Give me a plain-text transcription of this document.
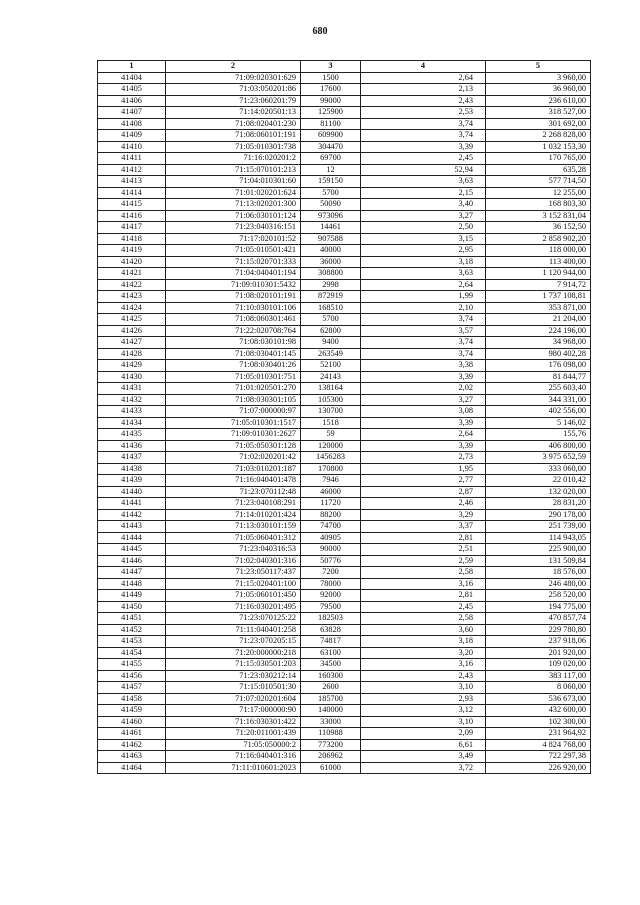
680
1	2	3	4	5
41404	71:09:020301:629	1500	2,64	3 960,00
41405	71:03:050201:86	17600	2,13	36 960,00
41406	71:23:060201:79	99000	2,43	236 610,00
41407	71:14:020501:13	125900	2,53	318 527,00
41408	71:08:020401:230	81100	3,74	301 692,00
41409	71:08:060101:191	609900	3,74	2 268 828,00
41410	71:05:010301:738	304470	3,39	1 032 153,30
41411	71:16:020201:2	69700	2,45	170 765,00
41412	71:15:070101:213	12	52,94	635,28
41413	71:04:010301:60	159150	3,63	577 714,50
41414	71:01:020201:624	5700	2,15	12 255,00
41415	71:13:020201:300	50090	3,40	168 803,30
41416	71:06:030101:124	973096	3,27	3 152 831,04
41417	71:23:040316:151	14461	2,50	36 152,50
41418	71:17:020101:52	907588	3,15	2 858 902,20
41419	71:05:010501:421	40000	2,95	118 000,00
41420	71:15:020701:333	36000	3,18	113 400,00
41421	71:04:040401:194	308800	3,63	1 120 944,00
41422	71:09:010301:5432	2998	2,64	7 914,72
41423	71:08:020101:191	872919	1,99	1 737 108,81
41424	71:10:030101:106	168510	2,10	353 871,00
41425	71:08:060301:461	5700	3,74	21 204,00
41426	71:22:020708:764	62800	3,57	224 196,00
41427	71:08:030101:98	9400	3,74	34 968,00
41428	71:08:030401:145	263549	3,74	980 402,28
41429	71:08:030401:26	52100	3,38	176 098,00
41430	71:05:010301:751	24143	3,39	81 844,77
41431	71:01:020501:270	138164	2,02	255 603,40
41432	71:08:030301:105	105300	3,27	344 331,00
41433	71:07:000000:97	130700	3,08	402 556,00
41434	71:05:010301:1517	1518	3,39	5 146,02
41435	71:09:010301:2627	59	2,64	155,76
41436	71:05:050301:128	120000	3,39	406 800,00
41437	71:02:020201:42	1456283	2,73	3 975 652,59
41438	71:03:010201:187	170800	1,95	333 060,00
41439	71:16:040401:478	7946	2,77	22 010,42
41440	71:23:070112:48	46000	2,87	132 020,00
41441	71:23:040108:291	11720	2,46	28 831,20
41442	71:14:010201:424	88200	3,29	290 178,00
41443	71:13:030101:159	74700	3,37	251 739,00
41444	71:05:060401:312	40905	2,81	114 943,05
41445	71:23:040316:53	90000	2,51	225 900,00
41446	71:02:040301:316	50776	2,59	131 509,84
41447	71:23:050117:437	7200	2,58	18 576,00
41448	71:15:020401:100	78000	3,16	246 480,00
41449	71:05:060101:450	92000	2,81	258 520,00
41450	71:16:030201:495	79500	2,45	194 775,00
41451	71:23:070125:22	182503	2,58	470 857,74
41452	71:11:040401:258	63828	3,60	229 780,80
41453	71:23:070205:15	74817	3,18	237 918,06
41454	71:20:000000:218	63100	3,20	201 920,00
41455	71:15:030501:203	34500	3,16	109 020,00
41456	71:23:030212:14	160300	2,43	383 117,00
41457	71:15:010501:30	2600	3,10	8 060,00
41458	71:07:020201:604	185700	2,93	536 673,00
41459	71:17:000000:90	140000	3,12	432 600,00
41460	71:16:030301:422	33000	3,10	102 300,00
41461	71:20:011001:439	110988	2,09	231 964,92
41462	71:05:050000:2	773200	6,61	4 824 768,00
41463	71:16:040401:316	206962	3,49	722 297,38
41464	71:11:010601:2023	61000	3,72	226 920,00
